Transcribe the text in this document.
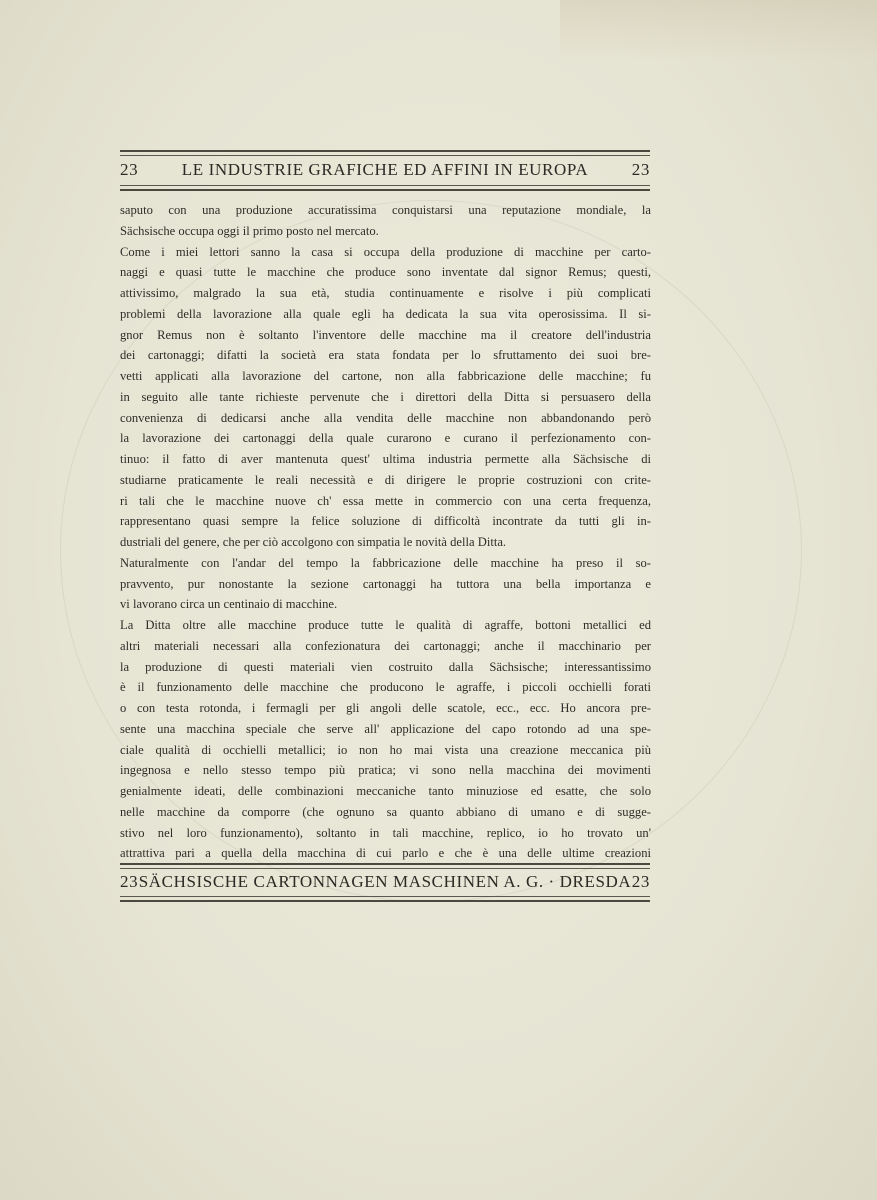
23	LE INDUSTRIE GRAFICHE ED AFFINI IN EUROPA	23
saputo con una produzione accuratissima conquistarsi una reputazione mondiale, la
Sächsische occupa oggi il primo posto nel mercato.
Come i miei lettori sanno la casa si occupa della produzione di macchine per carto-
naggi e quasi tutte le macchine che produce sono inventate dal signor Remus; questi,
attivissimo, malgrado la sua età, studia continuamente e risolve i più complicati
problemi della lavorazione alla quale egli ha dedicata la sua vita operosissima. Il si-
gnor Remus non è soltanto l'inventore delle macchine ma il creatore dell'industria
dei cartonaggi; difatti la società era stata fondata per lo sfruttamento dei suoi bre-
vetti applicati alla lavorazione del cartone, non alla fabbricazione delle macchine; fu
in seguito alle tante richieste pervenute che i direttori della Ditta si persuasero della
convenienza di dedicarsi anche alla vendita delle macchine non abbandonando però
la lavorazione dei cartonaggi della quale curarono e curano il perfezionamento con-
tinuo: il fatto di aver mantenuta quest' ultima industria permette alla Sächsische di
studiarne praticamente le reali necessità e di dirigere le proprie costruzioni con crite-
ri tali che le macchine nuove ch' essa mette in commercio con una certa frequenza,
rappresentano quasi sempre la felice soluzione di difficoltà incontrate da tutti gli in-
dustriali del genere, che per ciò accolgono con simpatia le novità della Ditta.
Naturalmente con l'andar del tempo la fabbricazione delle macchine ha preso il so-
pravvento, pur nonostante la sezione cartonaggi ha tuttora una bella importanza e
vi lavorano circa un centinaio di macchine.
La Ditta oltre alle macchine produce tutte le qualità di agraffe, bottoni metallici ed
altri materiali necessari alla confezionatura dei cartonaggi; anche il macchinario per
la produzione di questi materiali vien costruito dalla Sächsische; interessantissimo
è il funzionamento delle macchine che producono le agraffe, i piccoli occhielli forati
o con testa rotonda, i fermagli per gli angoli delle scatole, ecc., ecc. Ho ancora pre-
sente una macchina speciale che serve all' applicazione del capo rotondo ad una spe-
ciale qualità di occhielli metallici; io non ho mai vista una creazione meccanica più
ingegnosa e nello stesso tempo più pratica; vi sono nella macchina dei movimenti
genialmente ideati, delle combinazioni meccaniche tanto minuziose ed esatte, che solo
nelle macchine da comporre (che ognuno sa quanto abbiano di umano e di sugge-
stivo nel loro funzionamento), soltanto in tali macchine, replico, io ho trovato un'
attrattiva pari a quella della macchina di cui parlo e che è una delle ultime creazioni
23 SÄCHSISCHE CARTONNAGEN MASCHINEN A. G. · DRESDA 23
